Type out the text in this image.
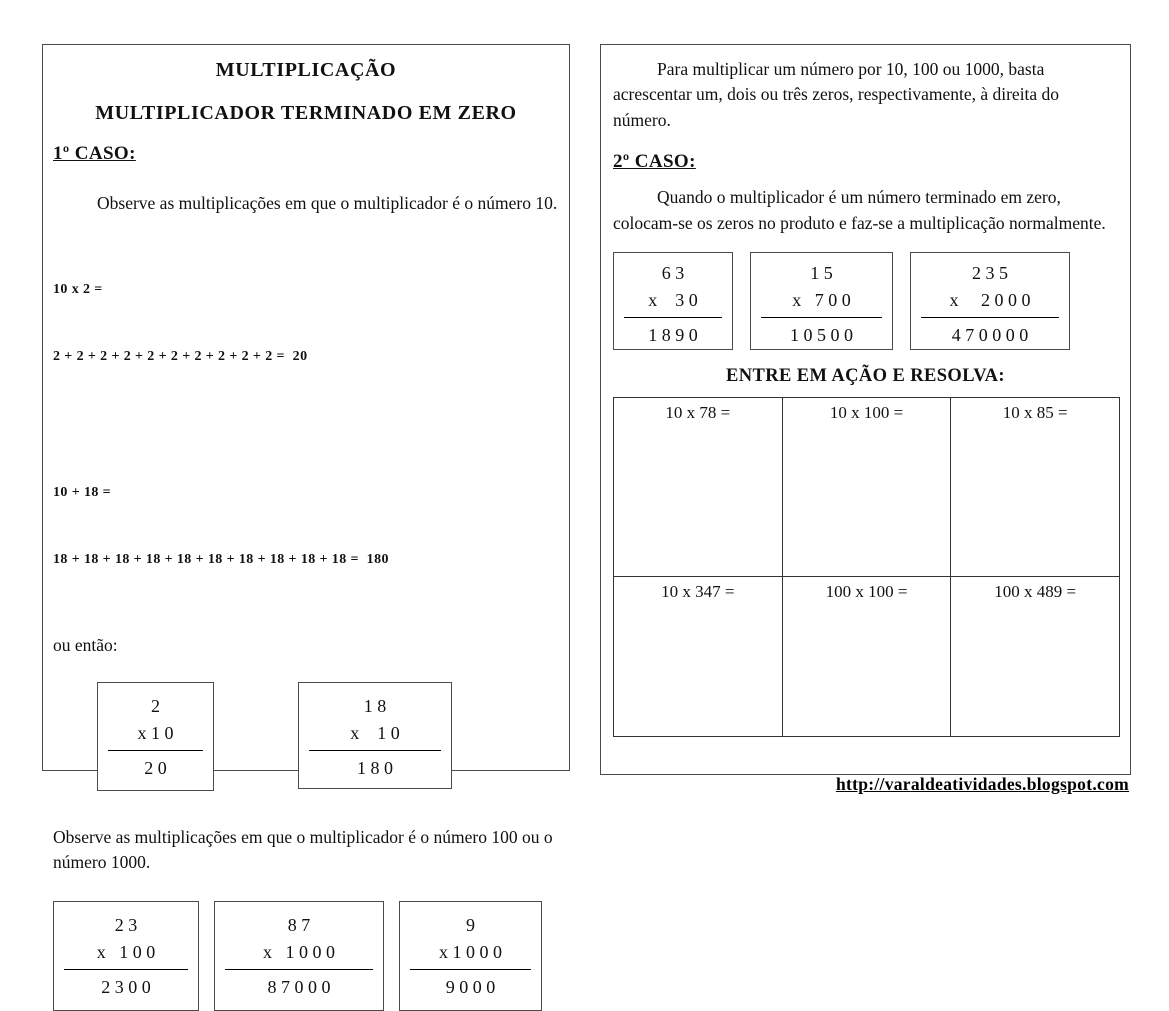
MULTIPLICAÇÃO
MULTIPLICADOR TERMINADO EM ZERO
1º CASO:
Observe as multiplicações em que o multiplicador é o número 10.

10 x 2 =

2 + 2 + 2 + 2 + 2 + 2 + 2 + 2 + 2 + 2 =  20

10 + 18 =

18 + 18 + 18 + 18 + 18 + 18 + 18 + 18 + 18 + 18 =  180

ou então:
2
x 1 0
2 0
1 8
x    1 0
1 8 0
Observe as multiplicações em que o multiplicador é o número 100 ou o número 1000.
2 3
x   1 0 0
2 3 0 0
8 7
x   1 0 0 0
8 7 0 0 0
9
x 1 0 0 0
9 0 0 0
Para multiplicar um número por 10, 100 ou 1000, basta acrescentar um, dois ou três zeros, respectivamente, à direita do número.
2º CASO:
Quando o multiplicador é um número terminado em zero, colocam-se os zeros no produto e faz-se a multiplicação normalmente.
6 3
x    3 0
1 8 9 0
1 5
x   7 0 0
1 0 5 0 0
2 3 5
x     2 0 0 0
4 7 0 0 0 0
ENTRE EM AÇÃO E RESOLVA:
10 x 78 =	10 x 100 =	10 x 85 =
10 x 347 =	100 x 100 =	100 x 489 =
http://varaldeatividades.blogspot.com
